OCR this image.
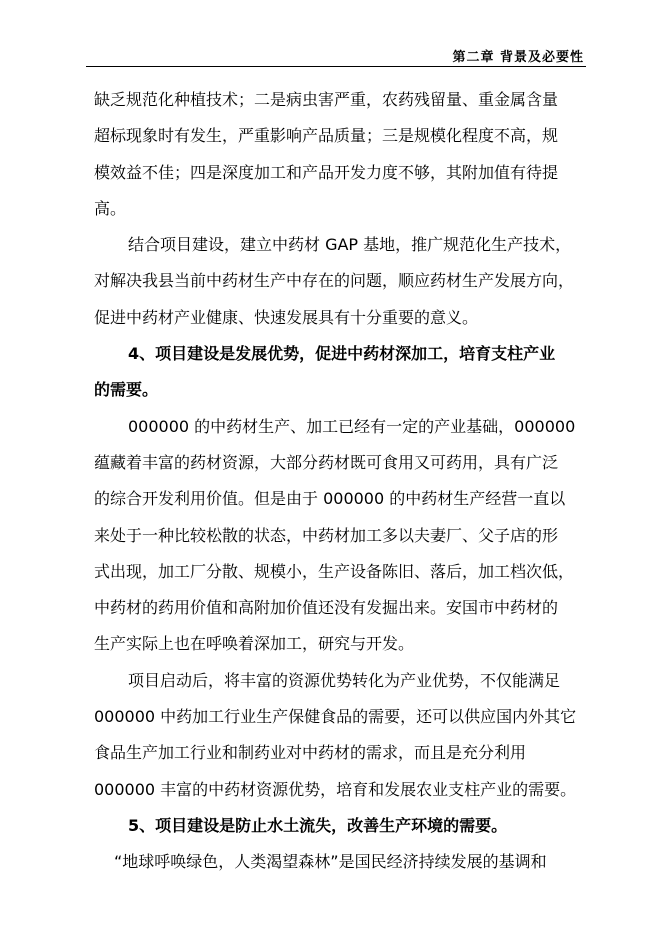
第二章 背景及必要性
缺乏规范化种植技术；二是病虫害严重，农药残留量、重金属含量
超标现象时有发生，严重影响产品质量；三是规模化程度不高，规
模效益不佳；四是深度加工和产品开发力度不够，其附加值有待提
高。
结合项目建设，建立中药材 GAP 基地，推广规范化生产技术，
对解决我县当前中药材生产中存在的问题，顺应药材生产发展方向，
促进中药材产业健康、快速发展具有十分重要的意义。
4、项目建设是发展优势，促进中药材深加工，培育支柱产业
的需要。
000000 的中药材生产、加工已经有一定的产业基础，000000
蕴藏着丰富的药材资源，大部分药材既可食用又可药用，具有广泛
的综合开发利用价值。但是由于 000000 的中药材生产经营一直以
来处于一种比较松散的状态，中药材加工多以夫妻厂、父子店的形
式出现，加工厂分散、规模小，生产设备陈旧、落后，加工档次低，
中药材的药用价值和高附加价值还没有发掘出来。安国市中药材的
生产实际上也在呼唤着深加工，研究与开发。
项目启动后，将丰富的资源优势转化为产业优势，不仅能满足
000000 中药加工行业生产保健食品的需要，还可以供应国内外其它
食品生产加工行业和制药业对中药材的需求，而且是充分利用
000000 丰富的中药材资源优势，培育和发展农业支柱产业的需要。
5、项目建设是防止水土流失，改善生产环境的需要。
“地球呼唤绿色，人类渴望森林”是国民经济持续发展的基调和
